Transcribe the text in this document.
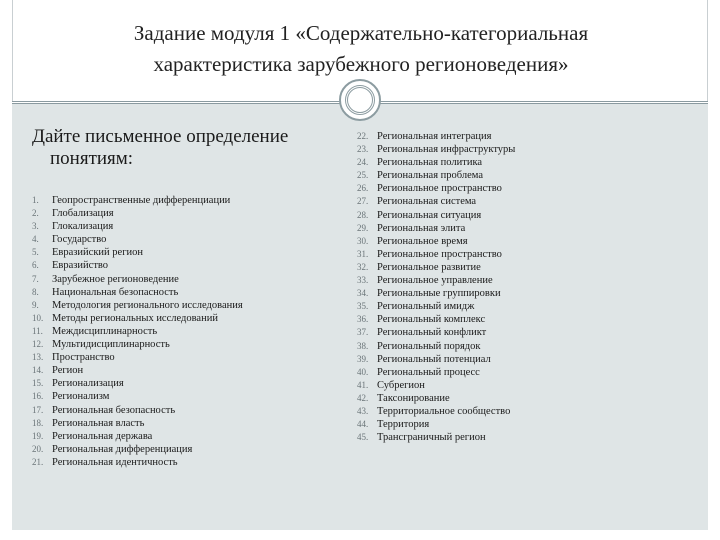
Задание модуля 1 «Содержательно-категориальная
характеристика зарубежного регионоведения»
Дайте письменное определение
понятиям:
1. Геопространственные дифференциации
2. Глобализация
3. Глокализация
4. Государство
5. Евразийский регион
6. Евразийство
7. Зарубежное регионоведение
8. Национальная безопасность
9. Методология регионального исследования
10. Методы региональных исследований
11. Междисциплинарность
12. Мультидисциплинарность
13. Пространство
14. Регион
15. Регионализация
16. Регионализм
17. Региональная безопасность
18. Региональная власть
19. Региональная держава
20. Региональная дифференциация
21. Региональная идентичность
22. Региональная интеграция
23. Региональная инфраструктуры
24. Региональная политика
25. Региональная проблема
26. Региональное пространство
27. Региональная система
28. Региональная ситуация
29. Региональная элита
30. Региональное время
31. Региональное пространство
32. Региональное развитие
33. Региональное управление
34. Региональные группировки
35. Региональный имидж
36. Региональный комплекс
37. Региональный конфликт
38. Региональный порядок
39. Региональный потенциал
40. Региональный процесс
41. Субрегион
42. Таксонирование
43. Территориальное сообщество
44. Территория
45. Трансграничный регион
